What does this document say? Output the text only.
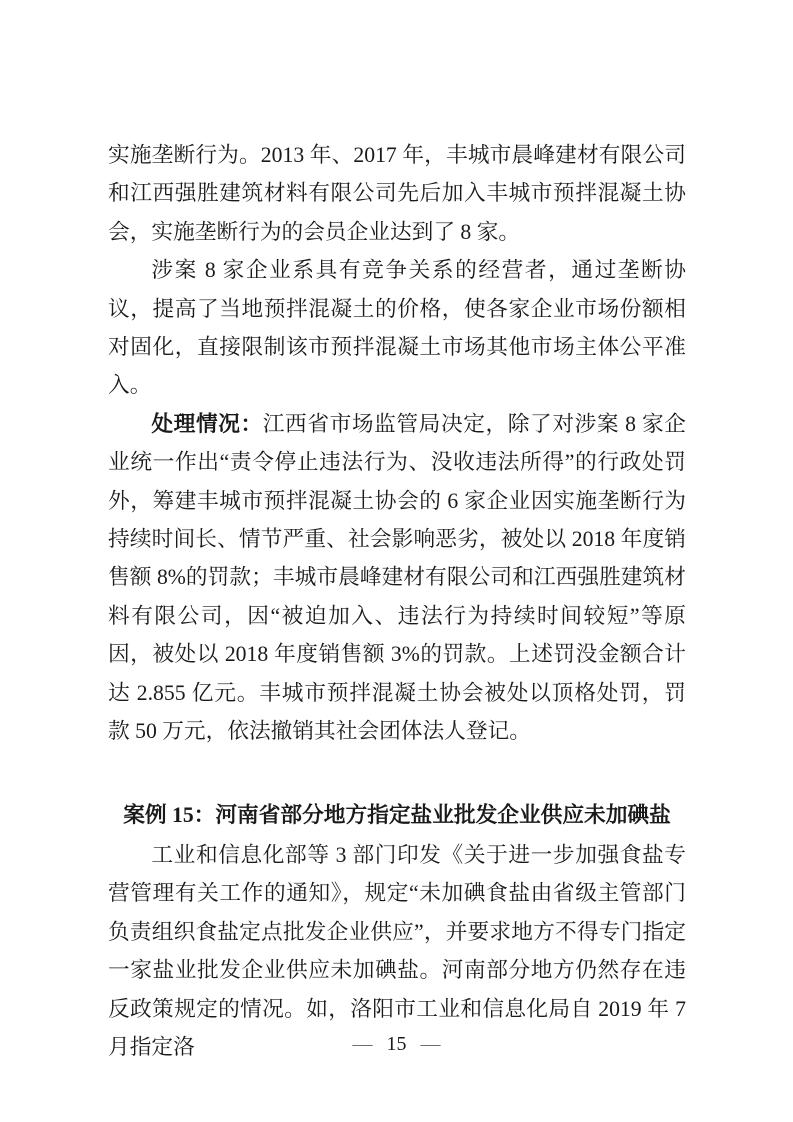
实施垄断行为。2013 年、2017 年，丰城市晨峰建材有限公司和江西强胜建筑材料有限公司先后加入丰城市预拌混凝土协会，实施垄断行为的会员企业达到了 8 家。
涉案 8 家企业系具有竞争关系的经营者，通过垄断协议，提高了当地预拌混凝土的价格，使各家企业市场份额相对固化，直接限制该市预拌混凝土市场其他市场主体公平准入。
处理情况：江西省市场监管局决定，除了对涉案 8 家企业统一作出“责令停止违法行为、没收违法所得”的行政处罚外，筹建丰城市预拌混凝土协会的 6 家企业因实施垄断行为持续时间长、情节严重、社会影响恶劣，被处以 2018 年度销售额 8%的罚款；丰城市晨峰建材有限公司和江西强胜建筑材料有限公司，因“被迫加入、违法行为持续时间较短”等原因，被处以 2018 年度销售额 3%的罚款。上述罚没金额合计达 2.855 亿元。丰城市预拌混凝土协会被处以顶格处罚，罚款 50 万元，依法撤销其社会团体法人登记。
案例 15：河南省部分地方指定盐业批发企业供应未加碘盐
工业和信息化部等 3 部门印发《关于进一步加强食盐专营管理有关工作的通知》，规定“未加碘食盐由省级主管部门负责组织食盐定点批发企业供应”，并要求地方不得专门指定一家盐业批发企业供应未加碘盐。河南部分地方仍然存在违反政策规定的情况。如，洛阳市工业和信息化局自 2019 年 7 月指定洛	— 15 —
